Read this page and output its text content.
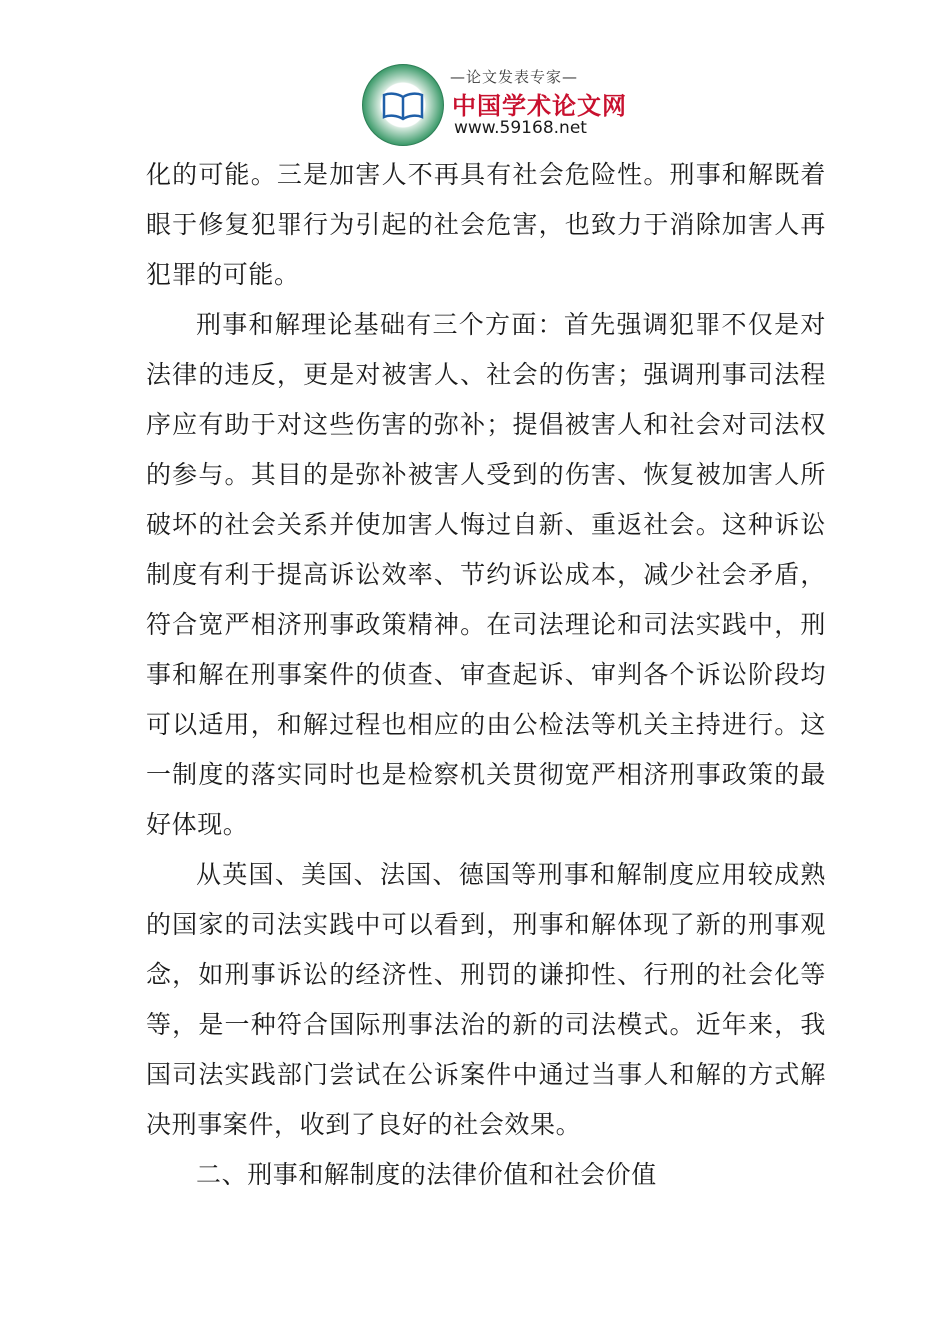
—论文发表专家—
中国学术论文网
www.59168.net

化的可能。三是加害人不再具有社会危险性。刑事和解既着眼于修复犯罪行为引起的社会危害，也致力于消除加害人再犯罪的可能。

刑事和解理论基础有三个方面：首先强调犯罪不仅是对法律的违反，更是对被害人、社会的伤害；强调刑事司法程序应有助于对这些伤害的弥补；提倡被害人和社会对司法权的参与。其目的是弥补被害人受到的伤害、恢复被加害人所破坏的社会关系并使加害人悔过自新、重返社会。这种诉讼制度有利于提高诉讼效率、节约诉讼成本，减少社会矛盾，符合宽严相济刑事政策精神。在司法理论和司法实践中，刑事和解在刑事案件的侦查、审查起诉、审判各个诉讼阶段均可以适用，和解过程也相应的由公检法等机关主持进行。这一制度的落实同时也是检察机关贯彻宽严相济刑事政策的最好体现。

从英国、美国、法国、德国等刑事和解制度应用较成熟的国家的司法实践中可以看到，刑事和解体现了新的刑事观念，如刑事诉讼的经济性、刑罚的谦抑性、行刑的社会化等等，是一种符合国际刑事法治的新的司法模式。近年来，我国司法实践部门尝试在公诉案件中通过当事人和解的方式解决刑事案件，收到了良好的社会效果。

二、刑事和解制度的法律价值和社会价值
